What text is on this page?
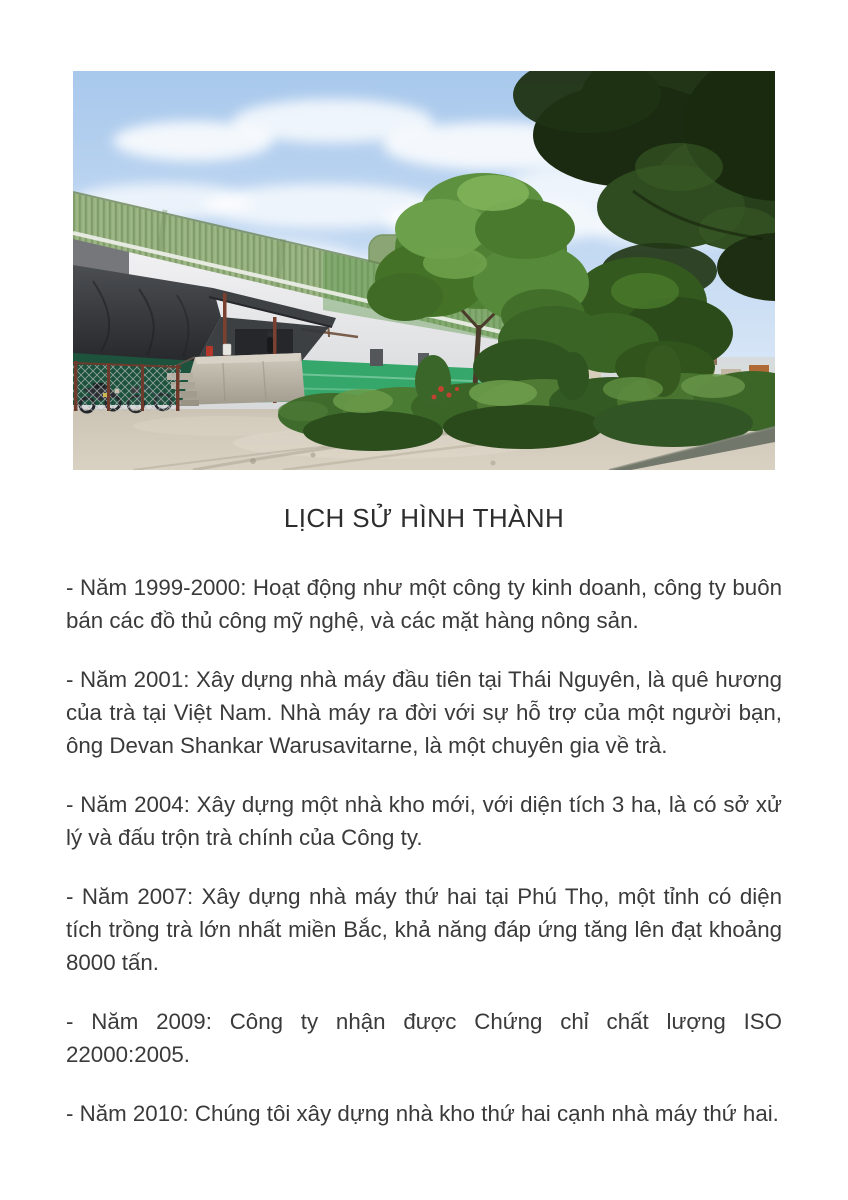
LỊCH SỬ HÌNH THÀNH

- Năm 1999-2000: Hoạt động như một công ty kinh doanh, công ty buôn bán các đồ thủ công mỹ nghệ, và các mặt hàng nông sản.

- Năm 2001: Xây dựng nhà máy đầu tiên tại Thái Nguyên, là quê hương của trà tại Việt Nam. Nhà máy ra đời với sự hỗ trợ của một người bạn, ông Devan Shankar Warusavitarne, là một chuyên gia về trà.

- Năm 2004: Xây dựng một nhà kho mới, với diện tích 3 ha, là có sở xử lý và đấu trộn trà chính của Công ty.

- Năm 2007: Xây dựng nhà máy thứ hai tại Phú Thọ, một tỉnh có diện tích trồng trà lớn nhất miền Bắc, khả năng đáp ứng tăng lên đạt khoảng 8000 tấn.

- Năm 2009: Công ty nhận được Chứng chỉ chất lượng ISO 22000:2005.

- Năm 2010: Chúng tôi xây dựng nhà kho thứ hai cạnh nhà máy thứ hai.
